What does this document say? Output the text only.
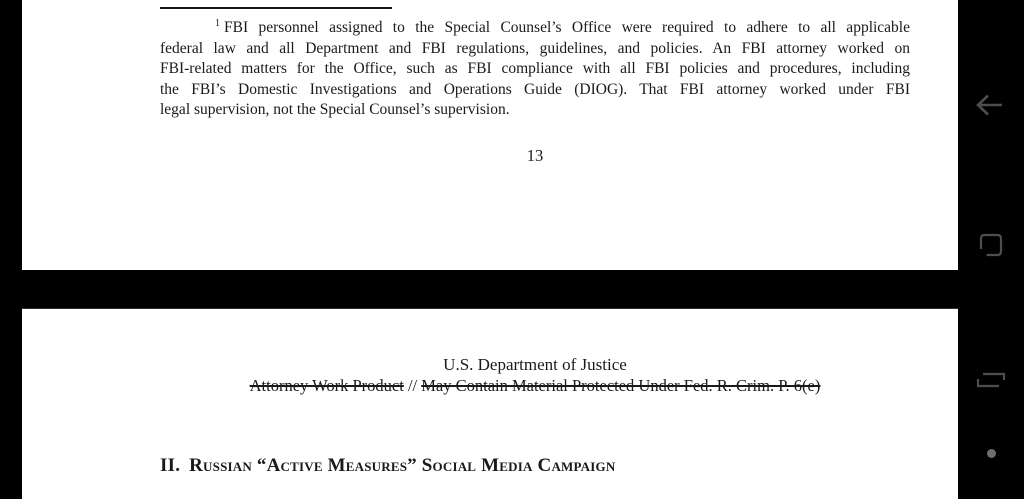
$^1$ FBI personnel assigned to the Special Counsel’s Office were required to adhere to all applicable
federal law and all Department and FBI regulations, guidelines, and policies. An FBI attorney worked on
FBI-related matters for the Office, such as FBI compliance with all FBI policies and procedures, including
the FBI’s Domestic Investigations and Operations Guide (DIOG). That FBI attorney worked under FBI
legal supervision, not the Special Counsel’s supervision.
13
U.S. Department of Justice
Attorney Work Product // May Contain Material Protected Under Fed. R. Crim. P. 6(e)
II. Russian “Active Measures” Social Media Campaign
